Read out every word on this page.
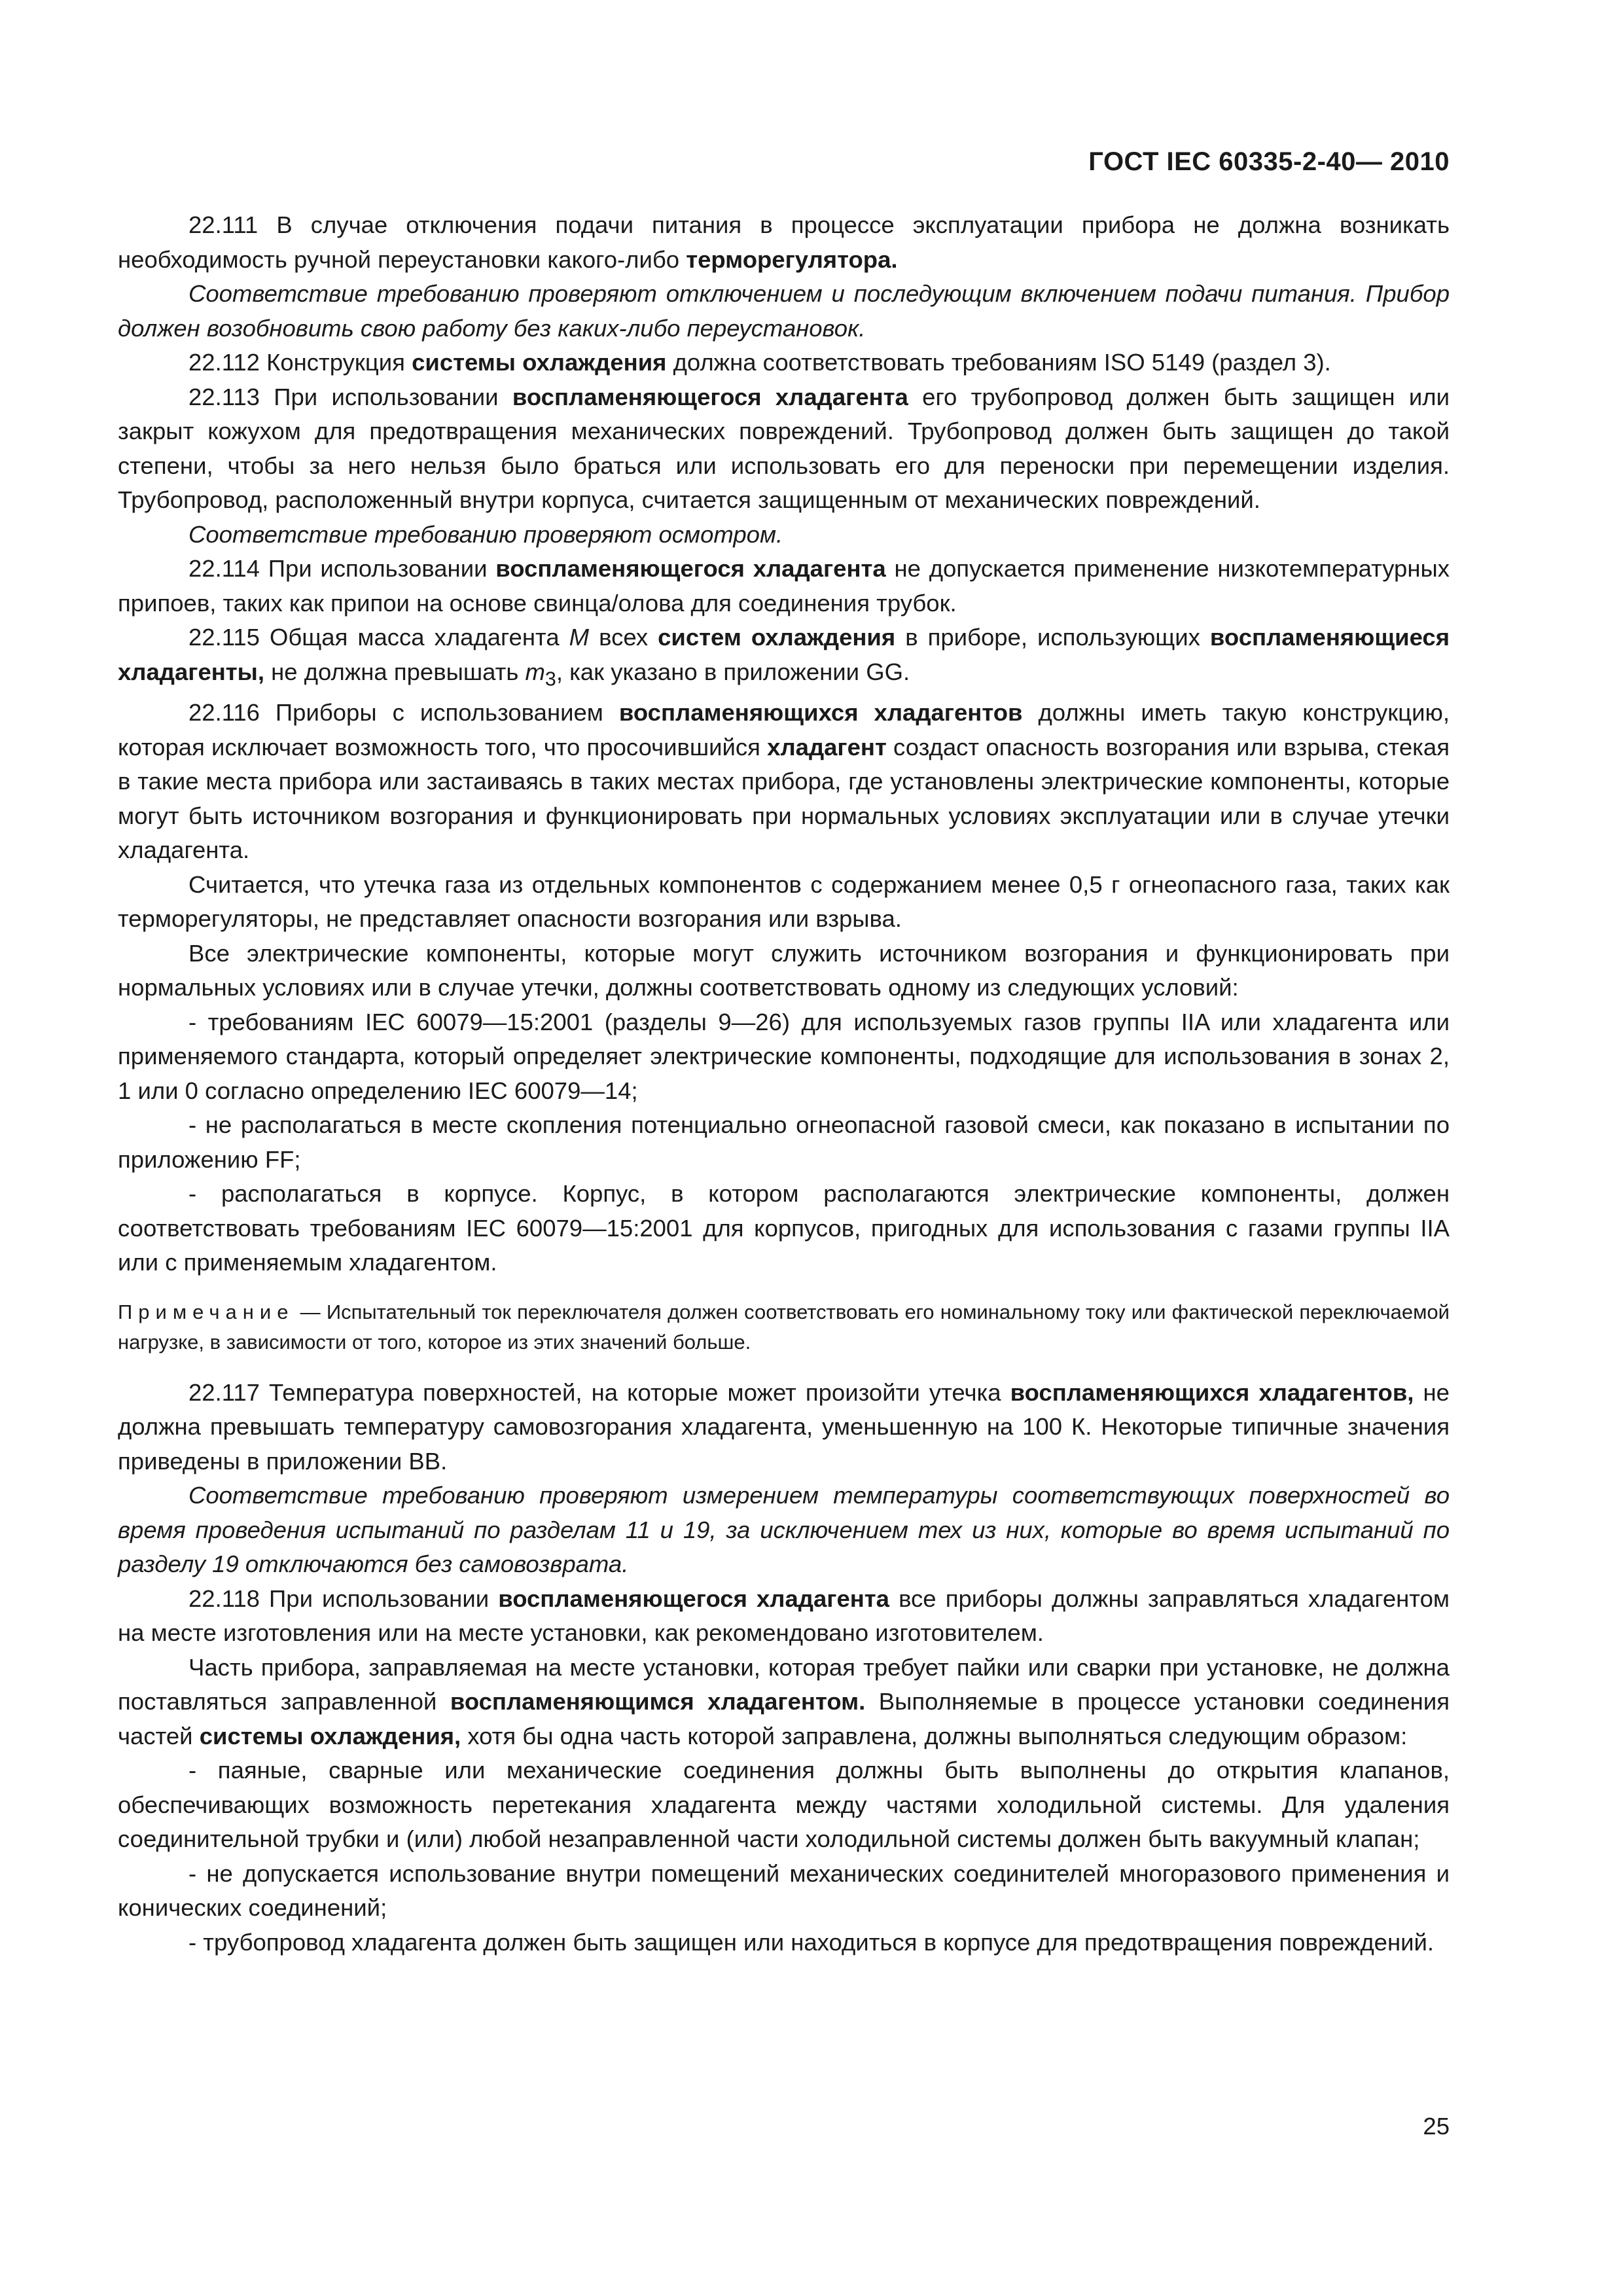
ГОСТ IEC 60335-2-40— 2010

22.111 В случае отключения подачи питания в процессе эксплуатации прибора не должна возникать необходимость ручной переустановки какого-либо терморегулятора.

Соответствие требованию проверяют отключением и последующим включением подачи питания. Прибор должен возобновить свою работу без каких-либо переустановок.

22.112 Конструкция системы охлаждения должна соответствовать требованиям ISO 5149 (раздел 3).

22.113 При использовании воспламеняющегося хладагента его трубопровод должен быть защищен или закрыт кожухом для предотвращения механических повреждений. Трубопровод должен быть защищен до такой степени, чтобы за него нельзя было браться или использовать его для переноски при перемещении изделия. Трубопровод, расположенный внутри корпуса, считается защищенным от механических повреждений.

Соответствие требованию проверяют осмотром.

22.114 При использовании воспламеняющегося хладагента не допускается применение низкотемпературных припоев, таких как припои на основе свинца/олова для соединения трубок.

22.115 Общая масса хладагента M всех систем охлаждения в приборе, использующих воспламеняющиеся хладагенты, не должна превышать $m_3$, как указано в приложении GG.

22.116 Приборы с использованием воспламеняющихся хладагентов должны иметь такую конструкцию, которая исключает возможность того, что просочившийся хладагент создаст опасность возгорания или взрыва, стекая в такие места прибора или застаиваясь в таких местах прибора, где установлены электрические компоненты, которые могут быть источником возгорания и функционировать при нормальных условиях эксплуатации или в случае утечки хладагента.

Считается, что утечка газа из отдельных компонентов с содержанием менее 0,5 г огнеопасного газа, таких как терморегуляторы, не представляет опасности возгорания или взрыва.

Все электрические компоненты, которые могут служить источником возгорания и функционировать при нормальных условиях или в случае утечки, должны соответствовать одному из следующих условий:

- требованиям IEC 60079—15:2001 (разделы 9—26) для используемых газов группы IIA или хладагента или применяемого стандарта, который определяет электрические компоненты, подходящие для использования в зонах 2, 1 или 0 согласно определению IEC 60079—14;

- не располагаться в месте скопления потенциально огнеопасной газовой смеси, как показано в испытании по приложению FF;

- располагаться в корпусе. Корпус, в котором располагаются электрические компоненты, должен соответствовать требованиям IEC 60079—15:2001 для корпусов, пригодных для использования с газами группы IIA или с применяемым хладагентом.

Примечание — Испытательный ток переключателя должен соответствовать его номинальному току или фактической переключаемой нагрузке, в зависимости от того, которое из этих значений больше.

22.117 Температура поверхностей, на которые может произойти утечка воспламеняющихся хладагентов, не должна превышать температуру самовозгорания хладагента, уменьшенную на 100 К. Некоторые типичные значения приведены в приложении ВВ.

Соответствие требованию проверяют измерением температуры соответствующих поверхностей во время проведения испытаний по разделам 11 и 19, за исключением тех из них, которые во время испытаний по разделу 19 отключаются без самовозврата.

22.118 При использовании воспламеняющегося хладагента все приборы должны заправляться хладагентом на месте изготовления или на месте установки, как рекомендовано изготовителем.

Часть прибора, заправляемая на месте установки, которая требует пайки или сварки при установке, не должна поставляться заправленной воспламеняющимся хладагентом. Выполняемые в процессе установки соединения частей системы охлаждения, хотя бы одна часть которой заправлена, должны выполняться следующим образом:

- паяные, сварные или механические соединения должны быть выполнены до открытия клапанов, обеспечивающих возможность перетекания хладагента между частями холодильной системы. Для удаления соединительной трубки и (или) любой незаправленной части холодильной системы должен быть вакуумный клапан;

- не допускается использование внутри помещений механических соединителей многоразового применения и конических соединений;

- трубопровод хладагента должен быть защищен или находиться в корпусе для предотвращения повреждений.

25
